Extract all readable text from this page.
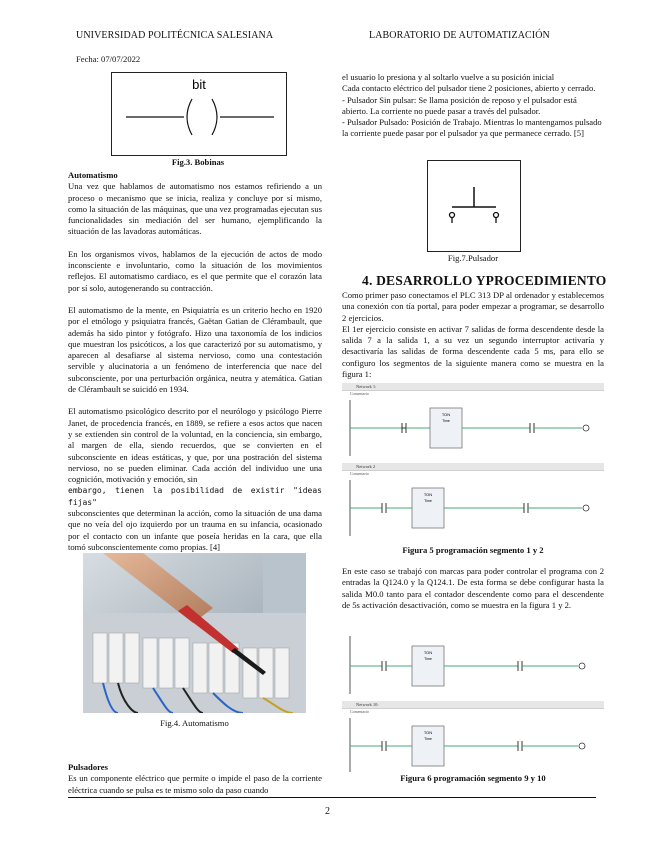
UNIVERSIDAD POLITÉCNICA SALESIANA	LABORATORIO DE AUTOMATIZACIÓN
Fecha: 07/07/2022
bit
Fig.3. Bobinas

Automatismo

Una vez que hablamos de automatismo nos estamos refiriendo a un proceso o mecanismo que se inicia, realiza y concluye por sí mismo, como la situación de las máquinas, que una vez programadas ejecutan sus funcionalidades sin mediación del ser humano, ejemplificando la situación de las lavadoras automáticas.

En los organismos vivos, hablamos de la ejecución de actos de modo inconsciente e involuntario, como la situación de los movimientos reflejos. El automatismo cardiaco, es el que permite que el corazón lata por sí solo, autogenerando su contracción.

El automatismo de la mente, en Psiquiatría es un criterio hecho en 1920 por el etnólogo y psiquiatra francés, Gaëtan Gatian de Clérambault, que además ha sido pintor y fotógrafo. Hizo una taxonomía de los indicios que muestran los psicóticos, a los que caracterizó por su automatismo, y aparecen al desafiarse al sistema nervioso, como una contestación servible y alucinatoria a un fenómeno de interferencia que nace del subconsciente, por una perturbación orgánica, neutra y atemática. Gatian de Clérambault se suicidó en 1934.

El automatismo psicológico descrito por el neurólogo y psicólogo Pierre Janet, de procedencia francés, en 1889, se refiere a esos actos que nacen y se extienden sin control de la voluntad, en la conciencia, sin embargo, al margen de ella, siendo recuerdos, que se convierten en el subconsciente en ideas estáticas, y que, por una postración del sistema nervioso, no se pueden eliminar. Cada acción del individuo une una cognición, motivación y emoción, sin

embargo, tienen la posibilidad de existir "ideas fijas"

subconscientes que determinan la acción, como la situación de una dama que no veía del ojo izquierdo por un trauma en su infancia, ocasionado por el contacto con un infante que poseía heridas en la cara, que ella tomó subconscientemente como propias. [4]

Fig.4. Automatismo

Pulsadores

Es un componente eléctrico que permite o impide el paso de la corriente eléctrica cuando se pulsa es te mismo solo da paso cuando

el usuario lo presiona y al soltarlo vuelve a su posición inicial

Cada contacto eléctrico del pulsador tiene 2 posiciones, abierto y cerrado.

- Pulsador Sin pulsar: Se llama posición de reposo y el pulsador está abierto. La corriente no puede pasar a través del pulsador.

- Pulsador Pulsado: Posición de Trabajo. Mientras lo mantengamos pulsado la corriente puede pasar por el pulsador ya que permanece cerrado. [5]

Fig.7.Pulsador
4. DESARROLLO YPROCEDIMIENTO

Como primer paso conectamos el PLC 313 DP al ordenador y establecemos una conexión con tía portal, para poder empezar a programar, se desarrollo 2 ejercicios.

El 1er ejercicio consiste en activar 7 salidas de forma descendente desde la salida 7 a la salida 1, a su vez un segundo interruptor activaría y desactivaría las salidas de forma descendente cada 5 ms, para ello se configuro los segmentos de la siguiente manera como se muestra en la figura 1:

Network 1:
Comentario
TON
Time
Network 2
Comentario
TON
Time
Figura 5 programación segmento 1 y 2
En este caso se trabajó con marcas para poder controlar el programa con 2 entradas la Q124.0 y la Q124.1. De esta forma se debe configurar hasta la salida M0.0 tanto para el contador descendente como para el descendente de 5s activación desactivación, como se muestra en la figura 1 y 2.
TON
Time
Network 10:
Comentario
TON
Time
Figura 6 programación segmento 9 y 10
2
